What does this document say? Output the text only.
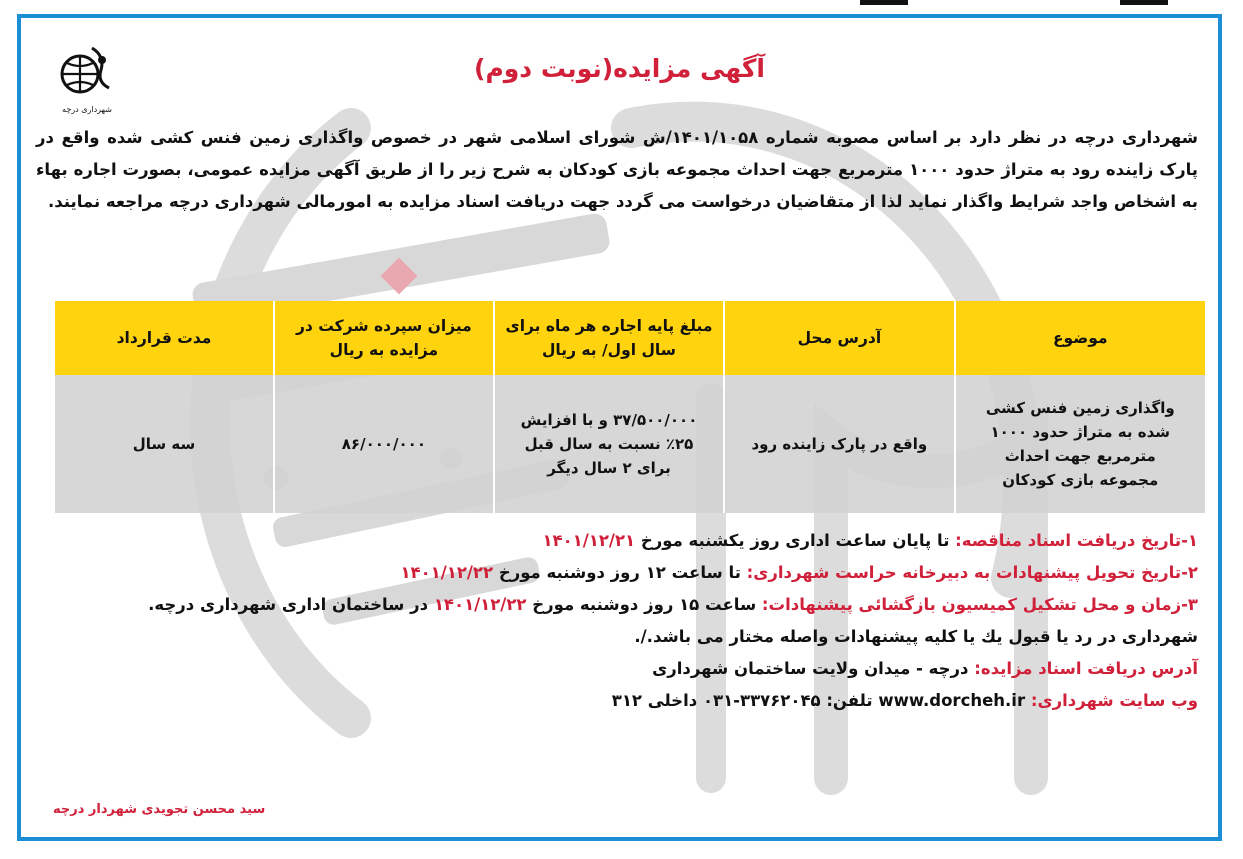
شهرداری درچه
آگهی مزایده(نوبت دوم)

شهرداری درچه در نظر دارد بر اساس مصوبه شماره ۱۴۰۱/۱۰۵۸/ش شورای اسلامی شهر در خصوص واگذاری زمین فنس کشی شده واقع در پارک زاینده رود به متراژ حدود ۱۰۰۰ مترمربع جهت احداث مجموعه بازی کودکان به شرح زیر را از طریق آگهی مزایده عمومی، بصورت اجاره بهاء به اشخاص واجد شرایط واگذار نماید لذا از متقاضیان درخواست می گردد جهت دریافت اسناد مزایده به امورمالی شهرداری درچه مراجعه نمایند.

موضوع	آدرس محل	مبلغ پایه اجاره هر ماه برای سال اول/ به ریال	میزان سپرده شرکت در مزایده به ریال	مدت قرارداد
واگذاری زمین فنس کشی شده به متراژ حدود ۱۰۰۰ مترمربع جهت احداث مجموعه بازی کودکان	واقع در پارک زاینده رود	۳۷/۵۰۰/۰۰۰ و با افزایش ۲۵٪ نسبت به سال قبل برای ۲ سال دیگر	۸۶/۰۰۰/۰۰۰	سه سال
۱-تاریخ دریافت اسناد مناقصه: تا پایان ساعت اداری روز یکشنبه مورخ ۱۴۰۱/۱۲/۲۱
۲-تاریخ تحویل پیشنهادات به دبیرخانه حراست شهرداری: تا ساعت ۱۲ روز دوشنبه مورخ ۱۴۰۱/۱۲/۲۲
۳-زمان و محل تشکیل کمیسیون بازگشائی پیشنهادات: ساعت ۱۵ روز دوشنبه مورخ ۱۴۰۱/۱۲/۲۲ در ساختمان اداری شهرداری درچه.
شهرداری در رد یا قبول یك یا کلیه پیشنهادات واصله مختار می باشد./.
آدرس دریافت اسناد مزایده: درچه - میدان ولایت ساختمان شهرداری
وب سایت شهرداری: www.dorcheh.ir تلفن: ۳۳۷۶۲۰۴۵-۰۳۱ داخلی ۳۱۲
سید محسن تجویدی شهردار درچه
